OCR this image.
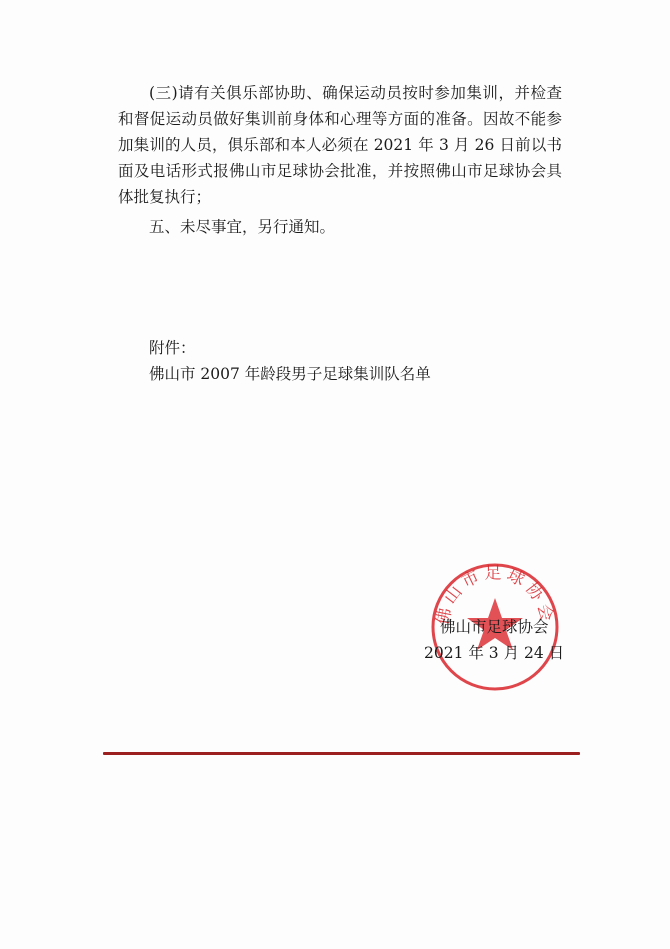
(三)请有关俱乐部协助、确保运动员按时参加集训，并检查和督促运动员做好集训前身体和心理等方面的准备。因故不能参加集训的人员，俱乐部和本人必须在 2021 年 3 月 26 日前以书面及电话形式报佛山市足球协会批准，并按照佛山市足球协会具体批复执行；
五、未尽事宜，另行通知。
附件：
佛山市 2007 年龄段男子足球集训队名单
佛山市足球协会
佛山市足球协会
2021 年 3 月 24 日
